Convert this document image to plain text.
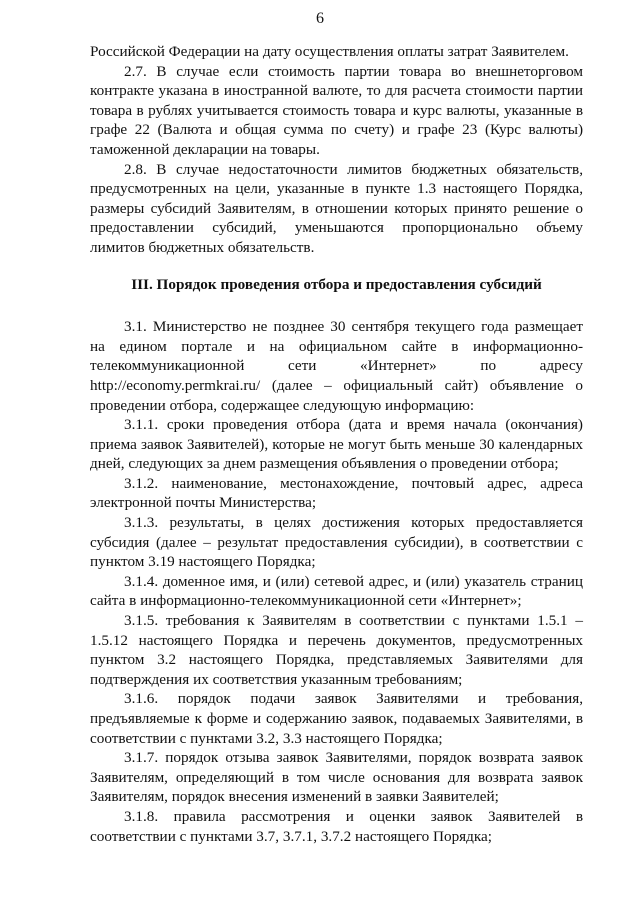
6

Российской Федерации на дату осуществления оплаты затрат Заявителем.

2.7. В случае если стоимость партии товара во внешнеторговом контракте указана в иностранной валюте, то для расчета стоимости партии товара в рублях учитывается стоимость товара и курс валюты, указанные в графе 22 (Валюта и общая сумма по счету) и графе 23 (Курс валюты) таможенной декларации на товары.

2.8. В случае недостаточности лимитов бюджетных обязательств, предусмотренных на цели, указанные в пункте 1.3 настоящего Порядка, размеры субсидий Заявителям, в отношении которых принято решение о предоставлении субсидий, уменьшаются пропорционально объему лимитов бюджетных обязательств.

III. Порядок проведения отбора и предоставления субсидий

3.1. Министерство не позднее 30 сентября текущего года размещает на едином портале и на официальном сайте в информационно-телекоммуникационной сети «Интернет» по адресу http://economy.permkrai.ru/ (далее – официальный сайт) объявление о проведении отбора, содержащее следующую информацию:

3.1.1. сроки проведения отбора (дата и время начала (окончания) приема заявок Заявителей), которые не могут быть меньше 30 календарных дней, следующих за днем размещения объявления о проведении отбора;

3.1.2. наименование, местонахождение, почтовый адрес, адреса электронной почты Министерства;

3.1.3. результаты, в целях достижения которых предоставляется субсидия (далее – результат предоставления субсидии), в соответствии с пунктом 3.19 настоящего Порядка;

3.1.4. доменное имя, и (или) сетевой адрес, и (или) указатель страниц сайта в информационно-телекоммуникационной сети «Интернет»;

3.1.5. требования к Заявителям в соответствии с пунктами 1.5.1 – 1.5.12 настоящего Порядка и перечень документов, предусмотренных пунктом 3.2 настоящего Порядка, представляемых Заявителями для подтверждения их соответствия указанным требованиям;

3.1.6. порядок подачи заявок Заявителями и требования, предъявляемые к форме и содержанию заявок, подаваемых Заявителями, в соответствии с пунктами 3.2, 3.3 настоящего Порядка;

3.1.7. порядок отзыва заявок Заявителями, порядок возврата заявок Заявителям, определяющий в том числе основания для возврата заявок Заявителям, порядок внесения изменений в заявки Заявителей;

3.1.8. правила рассмотрения и оценки заявок Заявителей в соответствии с пунктами 3.7, 3.7.1, 3.7.2 настоящего Порядка;
